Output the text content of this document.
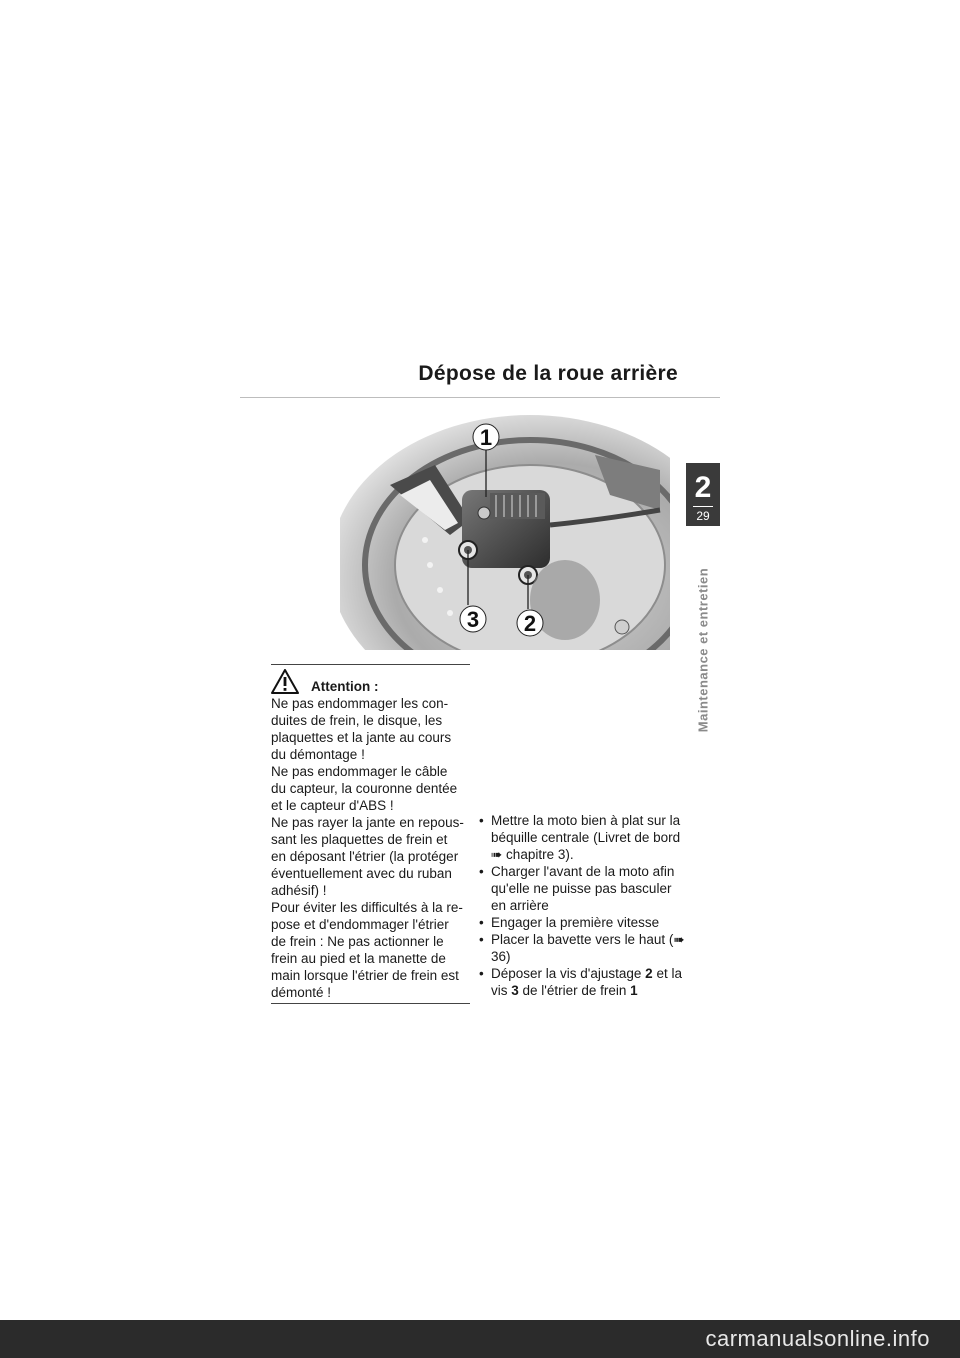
Dépose de la roue arrière
1
2
3
2
29
Maintenance et entretien
Attention :

Ne pas endommager les con-
duites de frein, le disque, les
plaquettes et la jante au cours
du démontage !
Ne pas endommager le câble
du capteur, la couronne dentée
et le capteur d'ABS !
Ne pas rayer la jante en repous-
sant les plaquettes de frein et
en déposant l'étrier (la protéger
éventuellement avec du ruban
adhésif) !
Pour éviter les difficultés à la re-
pose et d'endommager l'étrier
de frein : Ne pas actionner le
frein au pied et la manette de
main lorsque l'étrier de frein est
démonté !

• Mettre la moto bien à plat sur la béquille centrale (Livret de bord ➠ chapitre 3).
• Charger l'avant de la moto afin qu'elle ne puisse pas basculer en arrière
• Engager la première vitesse
• Placer la bavette vers le haut (➠ 36)
• Déposer la vis d'ajustage 2 et la vis 3 de l'étrier de frein 1
carmanualsonline.info
